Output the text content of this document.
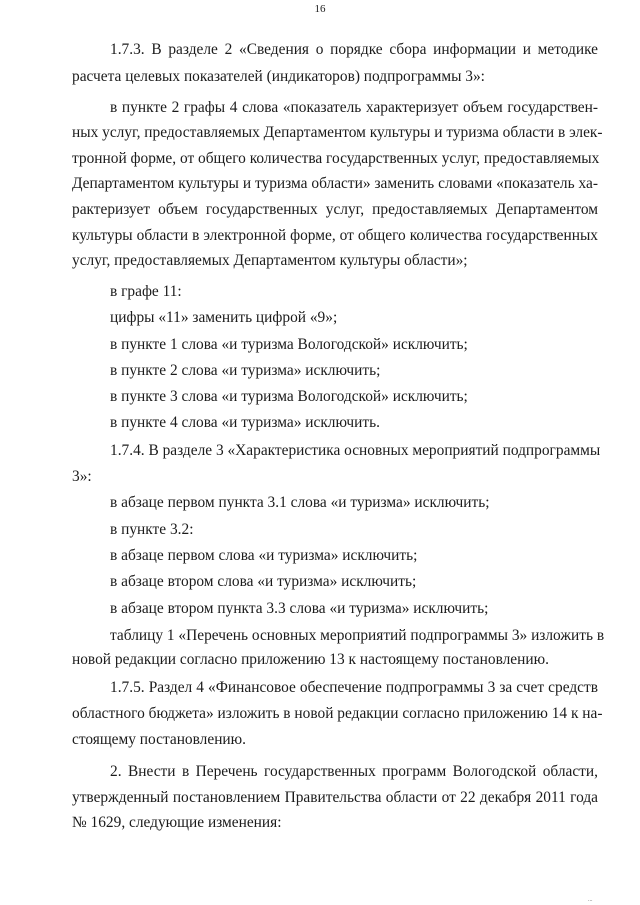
16
1.7.3. В разделе 2 «Сведения о порядке сбора информации и методике
расчета целевых показателей (индикаторов) подпрограммы 3»:
в пункте 2 графы 4 слова «показатель характеризует объем государствен-
ных услуг, предоставляемых Департаментом культуры и туризма области в элек-
тронной форме, от общего количества государственных услуг, предоставляемых
Департаментом культуры и туризма области» заменить словами «показатель ха-
рактеризует объем государственных услуг, предоставляемых Департаментом
культуры области в электронной форме, от общего количества государственных
услуг, предоставляемых Департаментом культуры области»;
в графе 11:
цифры «11» заменить цифрой «9»;
в пункте 1 слова «и туризма Вологодской» исключить;
в пункте 2 слова «и туризма» исключить;
в пункте 3 слова «и туризма Вологодской» исключить;
в пункте 4 слова «и туризма» исключить.
1.7.4. В разделе 3 «Характеристика основных мероприятий подпрограммы
3»:
в абзаце первом пункта 3.1 слова «и туризма» исключить;
в пункте 3.2:
в абзаце первом слова «и туризма» исключить;
в абзаце втором слова «и туризма» исключить;
в абзаце втором пункта 3.3 слова «и туризма» исключить;
таблицу 1 «Перечень основных мероприятий подпрограммы 3» изложить в
новой редакции согласно приложению 13 к настоящему постановлению.
1.7.5. Раздел 4 «Финансовое обеспечение подпрограммы 3 за счет средств
областного бюджета» изложить в новой редакции согласно приложению 14 к на-
стоящему постановлению.
2. Внести в Перечень государственных программ Вологодской области,
утвержденный постановлением Правительства области от 22 декабря 2011 года
№ 1629, следующие изменения:
...
